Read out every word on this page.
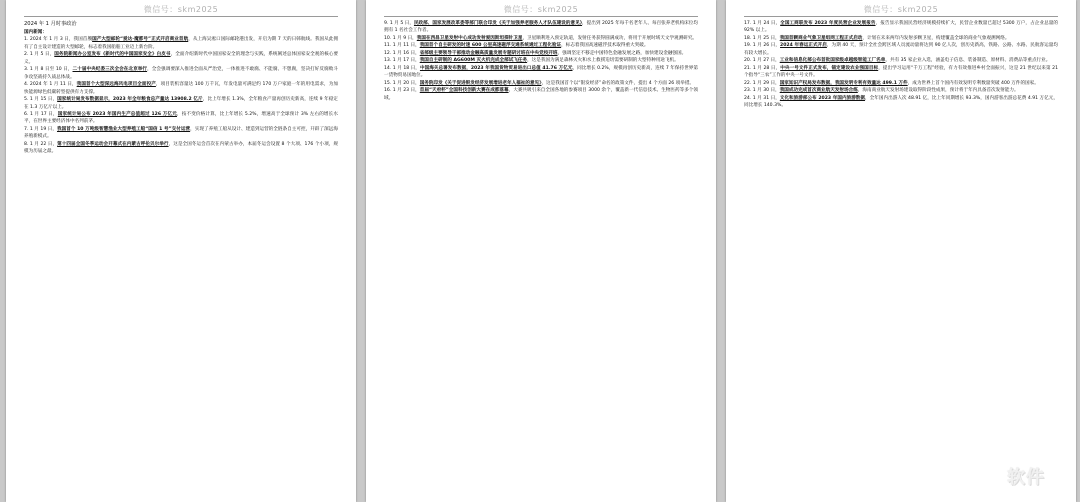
微信号：skm2025

2024 年 1 月时事政治

国内新闻：

1. 2024 年 1 月 3 日，我国首艘国产大型邮轮“爱达·魔都号”正式开启商业首航，从上海吴淞口国际邮轮港出发，开启为期 7 天的日韩航线。我国从此拥有了自主设计建造的大型邮轮，标志着我国船舶工业迈上新台阶。

2. 1 月 5 日，国务院新闻办公室发布《新时代的中国国家安全》白皮书，全面介绍新时代中国国家安全的理念与实践，系统阐述总体国家安全观的核心要义。

3. 1 月 8 日至 10 日，二十届中央纪委三次全会在北京举行，全会强调要深入推进全面从严治党，一体推进不敢腐、不能腐、不想腐，坚决打好反腐败斗争攻坚战持久战总体战。

4. 2024 年 1 月 11 日，我国首个大型深远海风电项目全面投产，项目装机容量达 100 万千瓦，年发电量可满足约 170 万户家庭一年的用电需求，为加快能源绿色低碳转型提供有力支撑。

5. 1 月 15 日，国家统计局发布数据显示，2023 年全年粮食总产量达 13908.2 亿斤，比上年增长 1.3%，全年粮食产量再创历史新高，连续 9 年稳定在 1.3 万亿斤以上。

6. 1 月 17 日，国家统计局公布 2023 年国内生产总值超过 126 万亿元，按不变价格计算，比上年增长 5.2%，增速高于全球预计 3% 左右的增长水平，在世界主要经济体中名列前茅。

7. 1 月 19 日，我国首个 10 万吨级智慧渔业大型养殖工船“国信 1 号”交付运营，实现了养殖工船从设计、建造到运营的全链条自主可控，开辟了深远海养殖新模式。

8. 1 月 22 日，第十四届全国冬季运动会开幕式在内蒙古呼伦贝尔举行，这是全国冬运会首次在内蒙古举办，本届冬运会设置 8 个大项、176 个小项，规模为历届之最。

微信号：skm2025

9. 1 月 5 日，民政部、国家发展改革委等部门联合印发《关于加强养老服务人才队伍建设的意见》，提出到 2025 年每千名老年人、每百张养老机构床位均拥有 1 名社会工作者。

10. 1 月 9 日，我国在西昌卫星发射中心成功发射爱因斯坦探针卫星，卫星顺利进入预定轨道，发射任务获得圆满成功，将用于开展时域天文学观测研究。

11. 1 月 11 日，我国首个自主研发的时速 600 公里高速磁浮交通系统通过工程化验证，标志着我国高速磁浮技术取得重大突破。

12. 1 月 16 日，省部级主要领导干部推动金融高质量发展专题研讨班在中央党校开班，强调坚定不移走中国特色金融发展之路，加快建设金融强国。

13. 1 月 17 日，我国自主研制的 AG600M 灭火机完成全部试飞任务，这是我国为满足森林灭火和水上救援迫切需要研制的大型特种用途飞机。

14. 1 月 18 日，中国海关总署发布数据，2023 年我国货物贸易进出口总值 41.76 万亿元，同比增长 0.2%，规模再创历史新高，连续 7 年保持世界第一货物贸易国地位。

15. 1 月 20 日，国务院印发《关于促进银发经济发展增进老年人福祉的意见》，这是我国首个以“银发经济”命名的政策文件，提出 4 个方面 26 项举措。

16. 1 月 23 日，首届“天府杯”全国科技创新大赛在成都落幕，大赛共吸引来自全国各地的参赛项目 3000 余个，覆盖新一代信息技术、生物医药等多个领域。

微信号：skm2025

17. 1 月 24 日，全国工商联发布 2023 年度民营企业发展报告，报告显示我国民营经济规模持续扩大，民营企业数量已超过 5300 万户，占企业总量的 92% 以上。

18. 1 月 25 日，我国首颗商业气象卫星组网工程正式启动，计划在未来两年内发射多颗卫星，构建覆盖全球的商业气象观测网络。

19. 1 月 26 日，2024 年春运正式开启，为期 40 天，预计全社会跨区域人员流动量将达到 90 亿人次，创历史新高，铁路、公路、水路、民航客运量均有较大增长。

20. 1 月 27 日，工业和信息化部公布首批国家级卓越级智能工厂名单，共有 35 家企业入选，涵盖电子信息、装备制造、原材料、消费品等重点行业。

21. 1 月 28 日，中央一号文件正式发布，锚定建设农业强国目标，提出学习运用“千万工程”经验，有力有效推进乡村全面振兴，这是 21 世纪以来第 21 个指导“三农”工作的中央一号文件。

22. 1 月 29 日，国家知识产权局发布数据，我国发明专利有效量达 499.1 万件，成为世界上首个国内有效发明专利数量突破 400 万件的国家。

23. 1 月 30 日，我国成功完成首次商业航天发射场合练，海南商业航天发射场建设取得阶段性成果，预计将于年内具备首次发射能力。

24. 1 月 31 日，文化和旅游部公布 2023 年国内旅游数据，全年国内出游人次 48.91 亿，比上年同期增长 93.3%，国内游客出游总花费 4.91 万亿元，同比增长 140.3%。

软件
